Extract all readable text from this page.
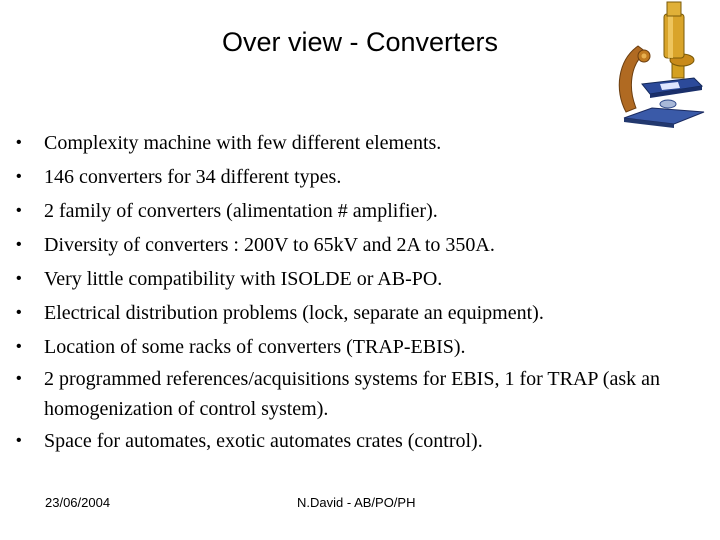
Over view - Converters
• Complexity machine with few different elements.
• 146 converters for 34 different types.
• 2 family of converters (alimentation # amplifier).
• Diversity of converters : 200V to 65kV and 2A to 350A.
• Very little compatibility with ISOLDE or AB-PO.
• Electrical distribution problems (lock, separate an equipment).
• Location of some racks of converters (TRAP-EBIS).
• 2 programmed references/acquisitions systems for EBIS, 1 for TRAP (ask an homogenization of control system).
• Space for automates, exotic automates crates (control).
23/06/2004	N.David - AB/PO/PH
